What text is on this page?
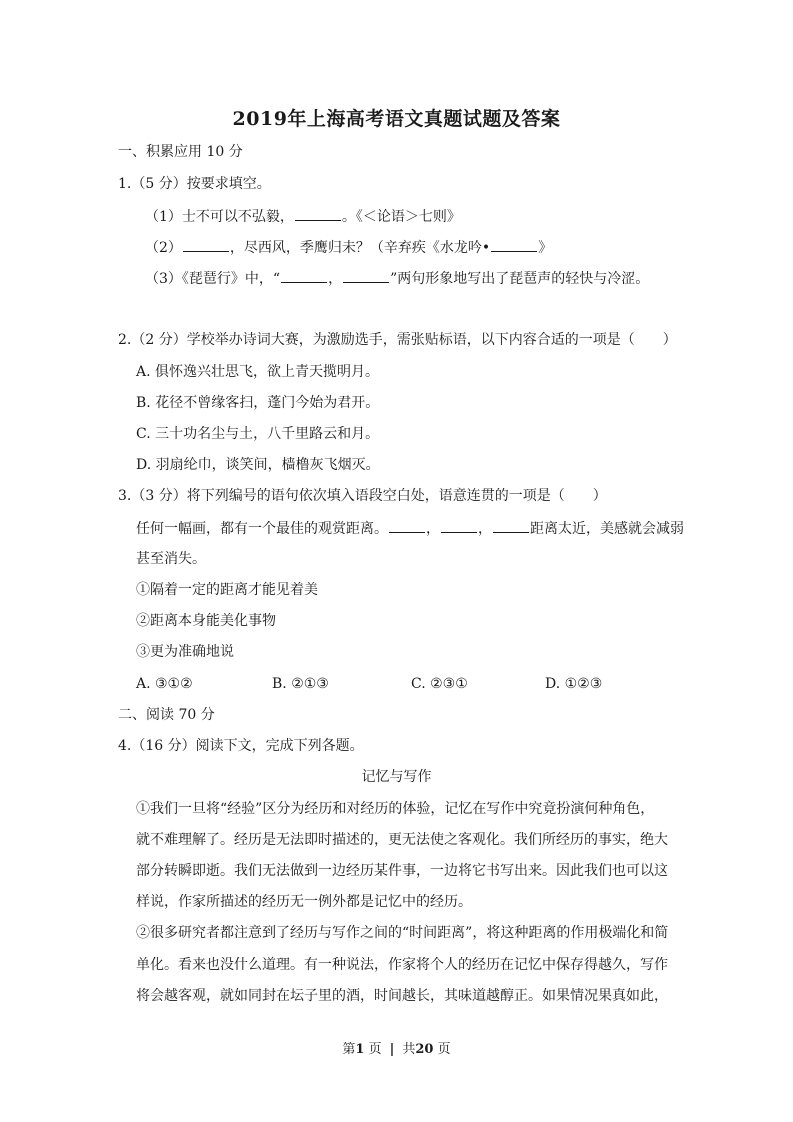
2019年上海高考语文真题试题及答案
一、积累应用 10 分
1.（5 分）按要求填空。
（1）士不可以不弘毅，	。《＜论语＞七则》
（2）	，尽西风，季鹰归未？（辛弃疾《水龙吟•	》
（3）《琵琶行》中，“	，	”两句形象地写出了琵琶声的轻快与冷涩。
2.（2 分）学校举办诗词大赛，为激励选手，需张贴标语，以下内容合适的一项是（　　）
A. 俱怀逸兴壮思飞，欲上青天揽明月。
B. 花径不曾缘客扫，蓬门今始为君开。
C. 三十功名尘与土，八千里路云和月。
D. 羽扇纶巾，谈笑间，樯橹灰飞烟灭。
3.（3 分）将下列编号的语句依次填入语段空白处，语意连贯的一项是（　　）
任何一幅画，都有一个最佳的观赏距离。	，	，	距离太近，美感就会减弱
甚至消失。
①隔着一定的距离才能见着美
②距离本身能美化事物
③更为准确地说
A. ③①②	B. ②①③	C. ②③①	D. ①②③
二、阅读 70 分
4.（16 分）阅读下文，完成下列各题。
记忆与写作
①我们一旦将“经验”区分为经历和对经历的体验，记忆在写作中究竟扮演何种角色，
就不难理解了。经历是无法即时描述的，更无法使之客观化。我们所经历的事实，绝大
部分转瞬即逝。我们无法做到一边经历某件事，一边将它书写出来。因此我们也可以这
样说，作家所描述的经历无一例外都是记忆中的经历。
②很多研究者都注意到了经历与写作之间的“时间距离”，将这种距离的作用极端化和简
单化。看来也没什么道理。有一种说法，作家将个人的经历在记忆中保存得越久，写作
将会越客观，就如同封在坛子里的酒，时间越长，其味道越醇正。如果情况果真如此，
第1 页 | 共20 页
